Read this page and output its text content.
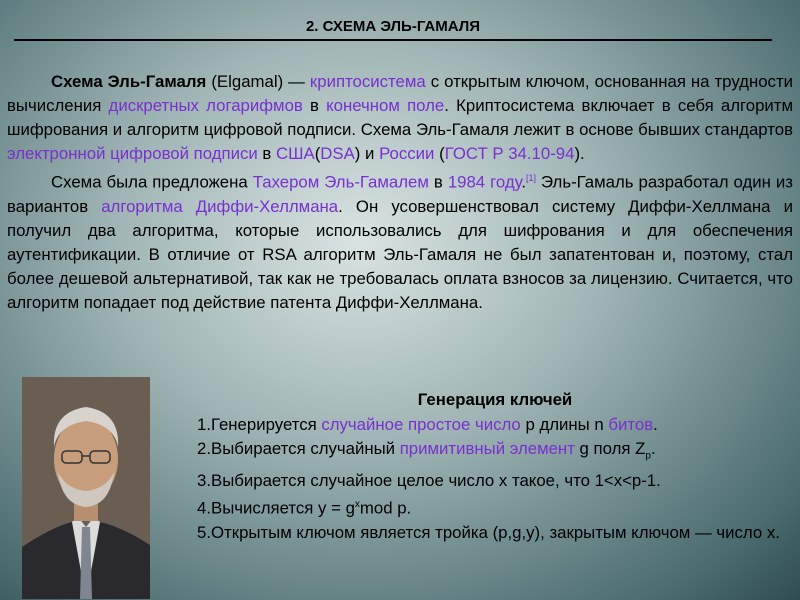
2. СХЕМА ЭЛЬ-ГАМАЛЯ

Схема Эль-Гамаля (Elgamal) — криптосистема с открытым ключом, основанная на трудности вычисления дискретных логарифмов в конечном поле. Криптосистема включает в себя алгоритм шифрования и алгоритм цифровой подписи. Схема Эль-Гамаля лежит в основе бывших стандартов электронной цифровой подписи в США(DSA) и России (ГОСТ Р 34.10-94).

Схема была предложена Тахером Эль-Гамалем в 1984 году.[1] Эль-Гамаль разработал один из вариантов алгоритма Диффи-Хеллмана. Он усовершенствовал систему Диффи-Хеллмана и получил два алгоритма, которые использовались для шифрования и для обеспечения аутентификации. В отличие от RSA алгоритм Эль-Гамаля не был запатентован и, поэтому, стал более дешевой альтернативой, так как не требовалась оплата взносов за лицензию. Считается, что алгоритм попадает под действие патента Диффи-Хеллмана.

Генерация ключей

1.Генерируется случайное простое число p длины n битов.

2.Выбирается случайный примитивный элемент g поля $Z_p$.

3.Выбирается случайное целое число x такое, что 1<x<p-1.

4.Вычисляется $y = g^xmod$ p.

5.Открытым ключом является тройка (p,g,y), закрытым ключом — число x.
